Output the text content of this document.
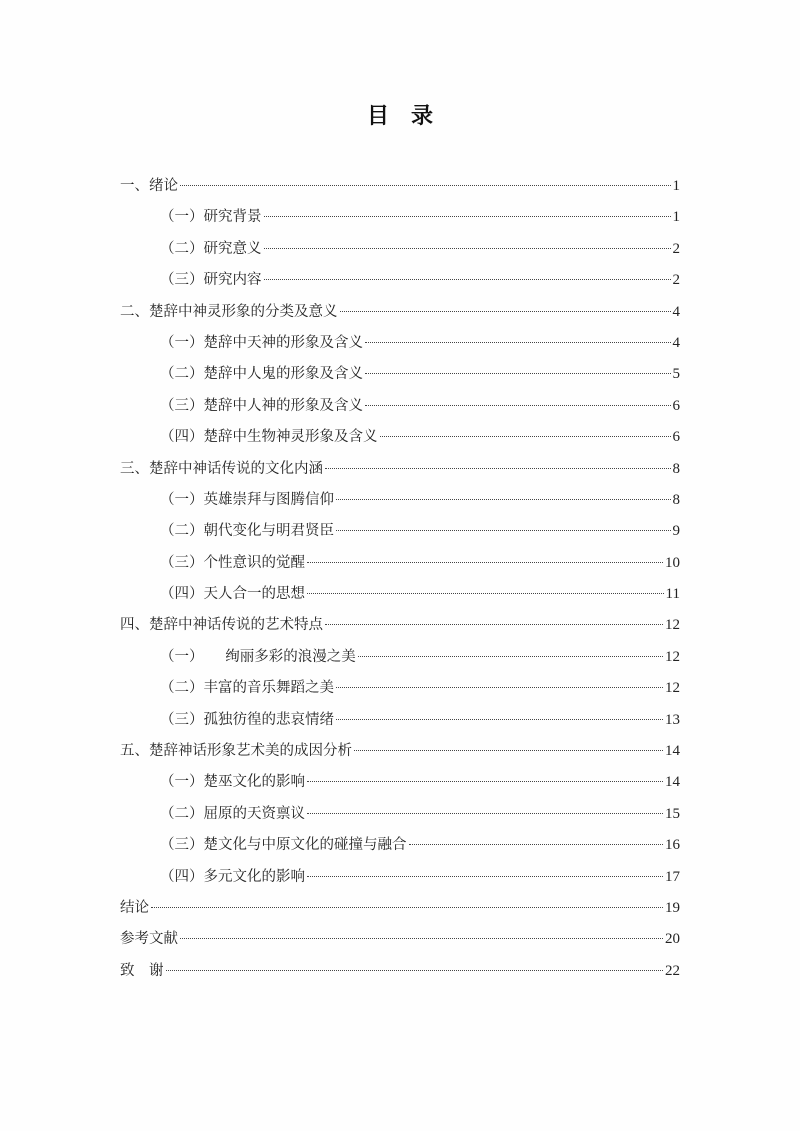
目录
一、绪论	1
（一）研究背景	1
（二）研究意义	2
（三）研究内容	2
二、楚辞中神灵形象的分类及意义	4
（一）楚辞中天神的形象及含义	4
（二）楚辞中人鬼的形象及含义	5
（三）楚辞中人神的形象及含义	6
（四）楚辞中生物神灵形象及含义	6
三、楚辞中神话传说的文化内涵	8
（一）英雄崇拜与图腾信仰	8
（二）朝代变化与明君贤臣	9
（三）个性意识的觉醒	10
（四）天人合一的思想	11
四、楚辞中神话传说的艺术特点	12
（一）　　绚丽多彩的浪漫之美	12
（二）丰富的音乐舞蹈之美	12
（三）孤独彷徨的悲哀情绪	13
五、楚辞神话形象艺术美的成因分析	14
（一）楚巫文化的影响	14
（二）屈原的天资禀议	15
（三）楚文化与中原文化的碰撞与融合	16
（四）多元文化的影响	17
结论	19
参考文献	20
致　谢	22
